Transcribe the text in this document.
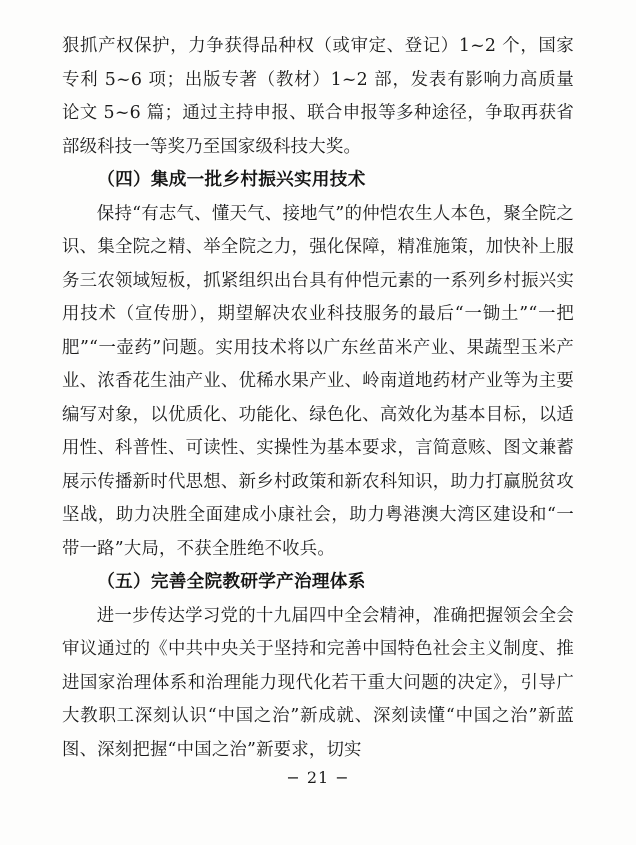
狠抓产权保护，力争获得品种权（或审定、登记）1~2 个，国家专利 5~6 项；出版专著（教材）1~2 部，发表有影响力高质量论文 5~6 篇；通过主持申报、联合申报等多种途径，争取再获省部级科技一等奖乃至国家级科技大奖。

（四）集成一批乡村振兴实用技术

保持“有志气、懂天气、接地气”的仲恺农生人本色，聚全院之识、集全院之精、举全院之力，强化保障，精准施策，加快补上服务三农领域短板，抓紧组织出台具有仲恺元素的一系列乡村振兴实用技术（宣传册），期望解决农业科技服务的最后“一锄土”“一把肥”“一壶药”问题。实用技术将以广东丝苗米产业、果蔬型玉米产业、浓香花生油产业、优稀水果产业、岭南道地药材产业等为主要编写对象，以优质化、功能化、绿色化、高效化为基本目标，以适用性、科普性、可读性、实操性为基本要求，言简意赅、图文兼蓄展示传播新时代思想、新乡村政策和新农科知识，助力打赢脱贫攻坚战，助力决胜全面建成小康社会，助力粤港澳大湾区建设和“一带一路”大局，不获全胜绝不收兵。

（五）完善全院教研学产治理体系

进一步传达学习党的十九届四中全会精神，准确把握领会全会审议通过的《中共中央关于坚持和完善中国特色社会主义制度、推进国家治理体系和治理能力现代化若干重大问题的决定》，引导广大教职工深刻认识“中国之治”新成就、深刻读懂“中国之治”新蓝图、深刻把握“中国之治”新要求，切实

− 21 −
